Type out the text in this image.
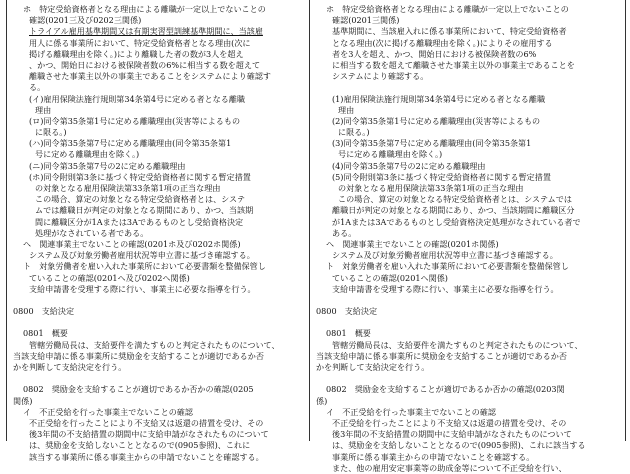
ホ　特定受給資格者となる理由による離職が一定以上でないことの
確認(0201三及び0202三関係)
トライアル雇用基準期間又は有期実習型訓練基準期間に、当該雇
用人に係る事業所において、特定受給資格者となる理由(次に
掲げる離職理由を除く。)により離職した者の数が3人を超え
、かつ、開始日における被保険者数の6%に相当する数を超えて
離職させた事業主以外の事業主であることをシステムにより確認す
る。
(イ)雇用保険法施行規則第34条第4号に定める者となる離職
理由
(ロ)同令第35条第1号に定める離職理由(災害等によるもの
に限る。)
(ハ)同令第35条第7号に定める離職理由(同令第35条第1
号に定める離職理由を除く。)
(ニ)同令第35条第7号の2に定める離職理由
(ホ)同令附則第3条に基づく特定受給資格者に関する暫定措置
の対象となる雇用保険法第33条第1項の正当な理由
この場合、算定の対象となる特定受給資格者とは、システ
ムでは離職日が判定の対象となる期間にあり、かつ、当該期
間に離職区分が1Aまたは3Aであるものとし受給資格決定
処理がなされている者である。
ヘ　関連事業主でないことの確認(0201ホ及び0202ホ関係)
システム及び対象労働者雇用状況等申立書に基づき確認する。
ト　対象労働者を雇い入れた事業所において必要書類を整備保管し
ていることの確認(0201ヘ及び0202ヘ関係)
支給申請書を受理する際に行い、事業主に必要な指導を行う。
0800　支給決定
0801　概要
管轄労働局長は、支給要件を満たすものと判定されたものについて、
当該支給申請に係る事業所に奨励金を支給することが適切であるか否
かを判断して支給決定を行う。
0802　奨励金を支給することが適切であるか否かの確認(0205
関係)
イ　不正受給を行った事業主でないことの確認
不正受給を行ったことにより不支給又は返還の措置を受け、その
後3年間の不支給措置の期間中に支給申請がなされたものについて
は、奨励金を支給しないこととなるので(0905参照)、これに
該当する事業所に係る事業主からの申請でないことを確認する。
ホ　特定受給資格者となる理由による離職が一定以上でないことの
確認(0201三関係)
基準期間に、当該雇入れに係る事業所において、特定受給資格者
となる理由(次に掲げる離職理由を除く。)によりその雇用する
者を3人を超え、かつ、開始日における被保険者数の6%
に相当する数を超えて離職させた事業主以外の事業主であることを
システムにより確認する。
(1)雇用保険法施行規則第34条第4号に定める者となる離職
理由
(2)同令第35条第1号に定める離職理由(災害等によるもの
に限る。)
(3)同令第35条第7号に定める離職理由(同令第35条第1
号に定める離職理由を除く。)
(4)同令第35条第7号の2に定める離職理由
(5)同令附則第3条に基づく特定受給資格者に関する暫定措置
の対象となる雇用保険法第33条第1項の正当な理由
この場合、算定の対象となる特定受給資格者とは、システムでは
離職日が判定の対象となる期間にあり、かつ、当該期間に離職区分
が1Aまたは3Aであるものとし受給資格決定処理がなされている者で
ある。
ヘ　関連事業主でないことの確認(0201ホ関係)
システム及び対象労働者雇用状況等申立書に基づき確認する。
ト　対象労働者を雇い入れた事業所において必要書類を整備保管し
ていることの確認(0201ヘ関係)
支給申請書を受理する際に行い、事業主に必要な指導を行う。
0800　支給決定
0801　概要
管轄労働局長は、支給要件を満たすものと判定されたものについて、
当該支給申請に係る事業所に奨励金を支給することが適切であるか否
かを判断して支給決定を行う。
0802　奨励金を支給することが適切であるか否かの確認(0203関
係)
イ　不正受給を行った事業主でないことの確認
不正受給を行ったことにより不支給又は返還の措置を受け、その
後3年間の不支給措置の期間中に支給申請がなされたものについて
は、奨励金を支給しないこととなるので(0905参照)、これに該当する
事業所に係る事業主からの申請でないことを確認する。
また、他の雇用安定事業等の助成金等について不正受給を行い、
